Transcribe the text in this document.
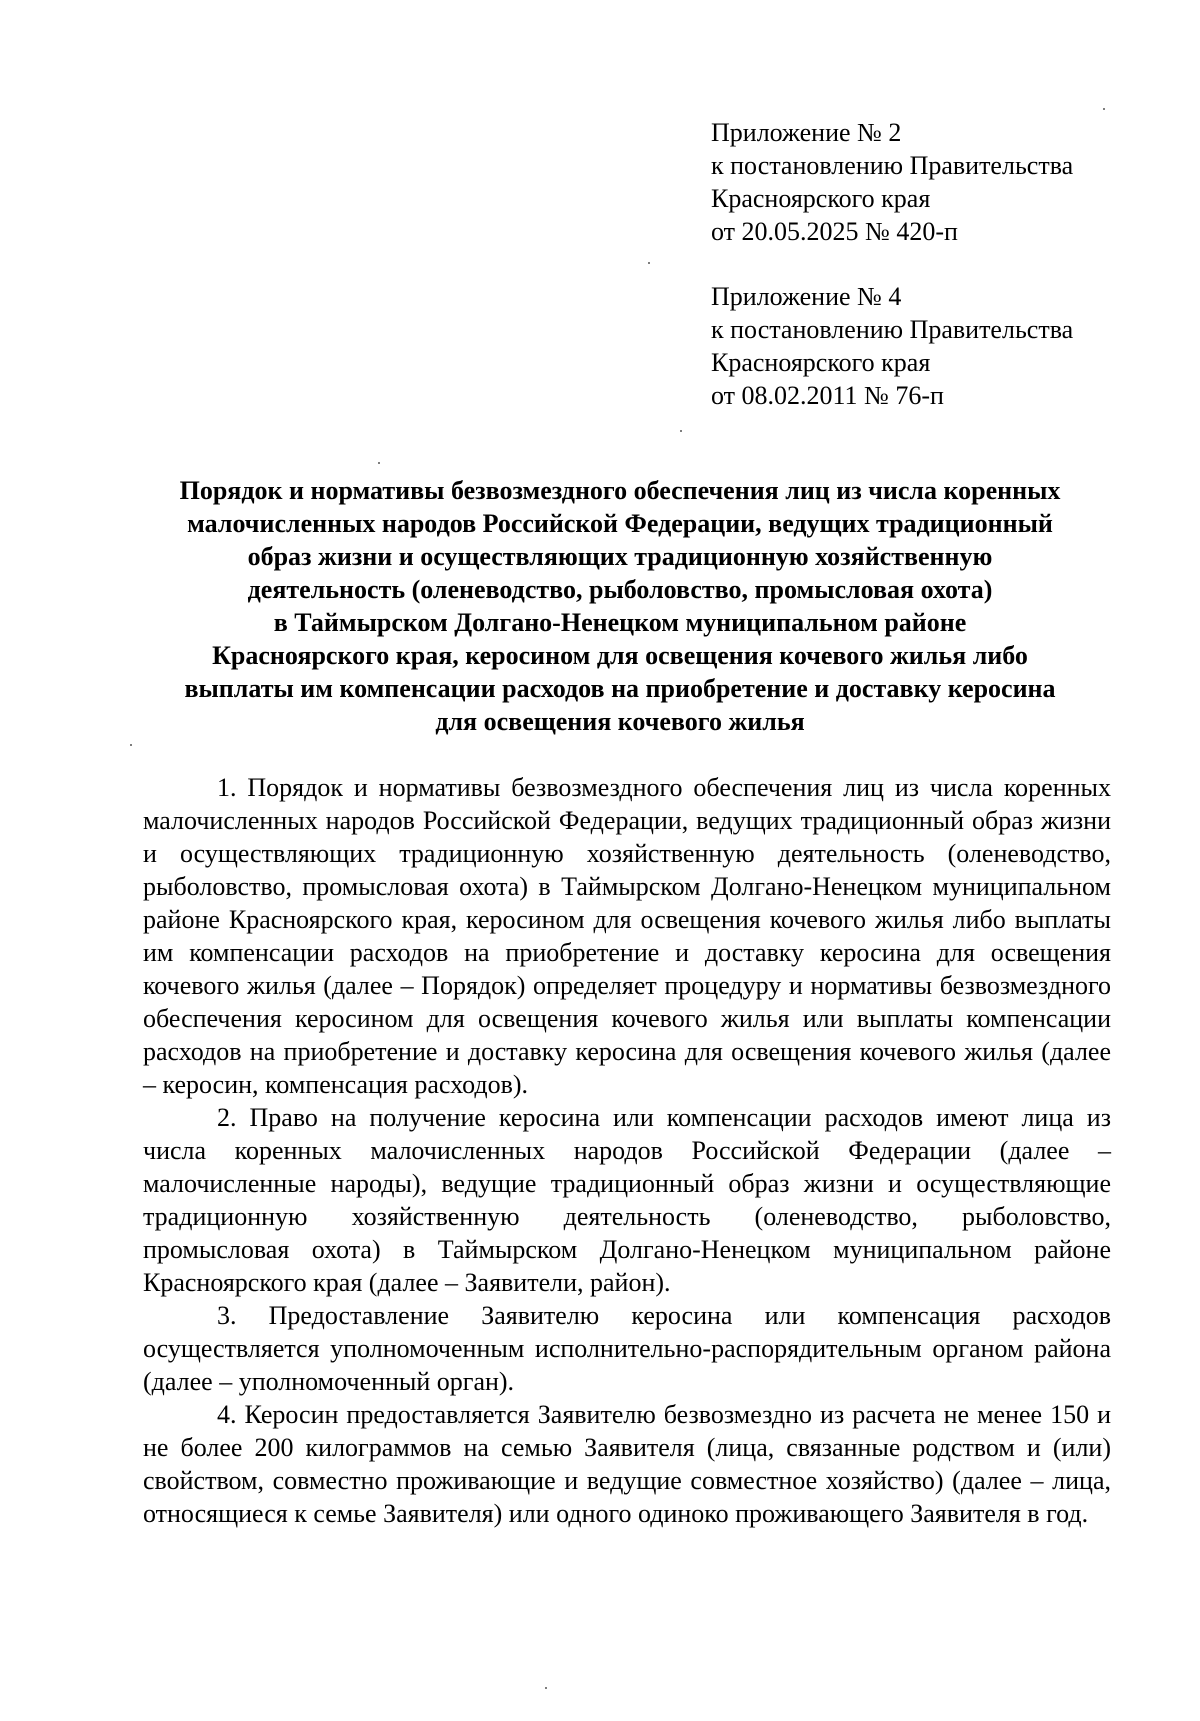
Приложение № 2
к постановлению Правительства
Красноярского края
от 20.05.2025 № 420-п
Приложение № 4
к постановлению Правительства
Красноярского края
от 08.02.2011 № 76-п
Порядок и нормативы безвозмездного обеспечения лиц из числа коренных
малочисленных народов Российской Федерации, ведущих традиционный
образ жизни и осуществляющих традиционную хозяйственную
деятельность (оленеводство, рыболовство, промысловая охота)
в Таймырском Долгано-Ненецком муниципальном районе
Красноярского края, керосином для освещения кочевого жилья либо
выплаты им компенсации расходов на приобретение и доставку керосина
для освещения кочевого жилья

1. Порядок и нормативы безвозмездного обеспечения лиц из числа коренных малочисленных народов Российской Федерации, ведущих традиционный образ жизни и осуществляющих традиционную хозяйственную деятельность (оленеводство, рыболовство, промысловая охота) в Таймырском Долгано-Ненецком муниципальном районе Красноярского края, керосином для освещения кочевого жилья либо выплаты им компенсации расходов на приобретение и доставку керосина для освещения кочевого жилья (далее – Порядок) определяет процедуру и нормативы безвозмездного обеспечения керосином для освещения кочевого жилья или выплаты компенсации расходов на приобретение и доставку керосина для освещения кочевого жилья (далее – керосин, компенсация расходов).

2. Право на получение керосина или компенсации расходов имеют лица из числа коренных малочисленных народов Российской Федерации (далее – малочисленные народы), ведущие традиционный образ жизни и осуществляющие традиционную хозяйственную деятельность (оленеводство, рыболовство, промысловая охота) в Таймырском Долгано-Ненецком муниципальном районе Красноярского края (далее – Заявители, район).

3. Предоставление Заявителю керосина или компенсация расходов осуществляется уполномоченным исполнительно-распорядительным органом района (далее – уполномоченный орган).

4. Керосин предоставляется Заявителю безвозмездно из расчета не менее 150 и не более 200 килограммов на семью Заявителя (лица, связанные родством и (или) свойством, совместно проживающие и ведущие совместное хозяйство) (далее – лица, относящиеся к семье Заявителя) или одного одиноко проживающего Заявителя в год.
